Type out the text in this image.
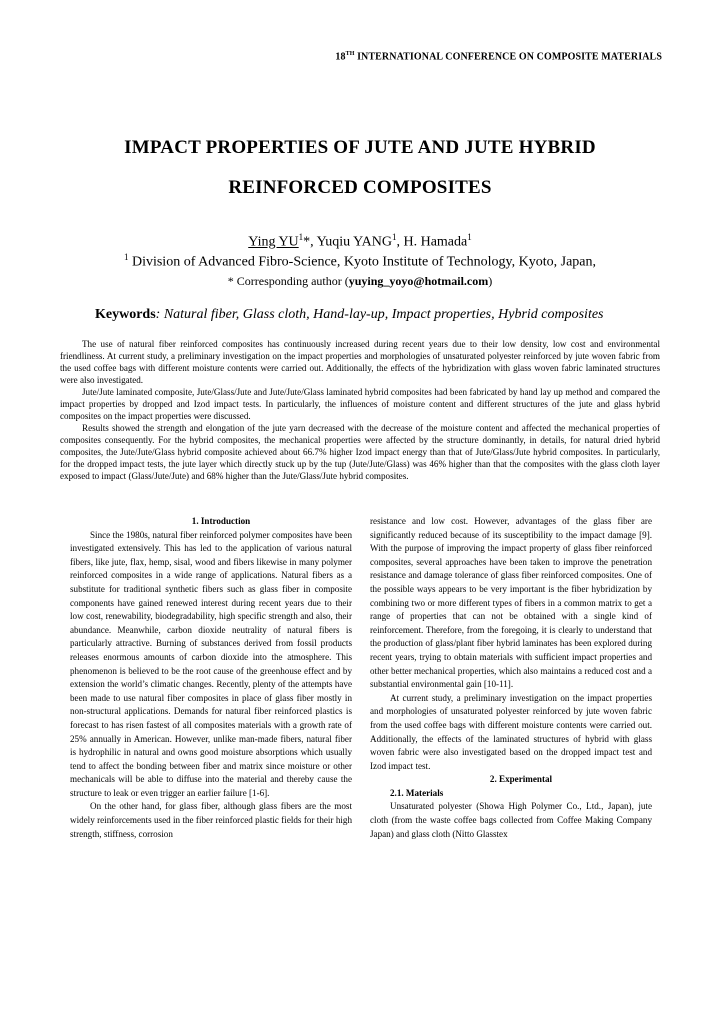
18TH INTERNATIONAL CONFERENCE ON COMPOSITE MATERIALS
IMPACT PROPERTIES OF JUTE AND JUTE HYBRID
REINFORCED COMPOSITES
Ying $YU^1*$, Yuqiu YANG$^1$, H. Hamada$^1$
$^1$ Division of Advanced Fibro-Science, Kyoto Institute of Technology, Kyoto, Japan,
* Corresponding author (yuying_yoyo@hotmail.com)
Keywords: Natural fiber, Glass cloth, Hand-lay-up, Impact properties, Hybrid composites

The use of natural fiber reinforced composites has continuously increased during recent years due to their low density, low cost and environmental friendliness. At current study, a preliminary investigation on the impact properties and morphologies of unsaturated polyester reinforced by jute woven fabric from the used coffee bags with different moisture contents were carried out. Additionally, the effects of the hybridization with glass woven fabric laminated structures were also investigated.

Jute/Jute laminated composite, Jute/Glass/Jute and Jute/Jute/Glass laminated hybrid composites had been fabricated by hand lay up method and compared the impact properties by dropped and Izod impact tests. In particularly, the influences of moisture content and different structures of the jute and glass hybrid composites on the impact properties were discussed.

Results showed the strength and elongation of the jute yarn decreased with the decrease of the moisture content and affected the mechanical properties of composites consequently. For the hybrid composites, the mechanical properties were affected by the structure dominantly, in details, for natural dried hybrid composites, the Jute/Jute/Glass hybrid composite achieved about 66.7% higher Izod impact energy than that of Jute/Glass/Jute hybrid composites. In particularly, for the dropped impact tests, the jute layer which directly stuck up by the tup (Jute/Jute/Glass) was 46% higher than that the composites with the glass cloth layer exposed to impact (Glass/Jute/Jute) and 68% higher than the Jute/Glass/Jute hybrid composites.

1. Introduction

Since the 1980s, natural fiber reinforced polymer composites have been investigated extensively. This has led to the application of various natural fibers, like jute, flax, hemp, sisal, wood and fibers likewise in many polymer reinforced composites in a wide range of applications. Natural fibers as a substitute for traditional synthetic fibers such as glass fiber in composite components have gained renewed interest during recent years due to their low cost, renewability, biodegradability, high specific strength and also, their abundance. Meanwhile, carbon dioxide neutrality of natural fibers is particularly attractive. Burning of substances derived from fossil products releases enormous amounts of carbon dioxide into the atmosphere. This phenomenon is believed to be the root cause of the greenhouse effect and by extension the world’s climatic changes. Recently, plenty of the attempts have been made to use natural fiber composites in place of glass fiber mostly in non-structural applications. Demands for natural fiber reinforced plastics is forecast to has risen fastest of all composites materials with a growth rate of 25% annually in American. However, unlike man-made fibers, natural fiber is hydrophilic in natural and owns good moisture absorptions which usually tend to affect the bonding between fiber and matrix since moisture or other mechanicals will be able to diffuse into the material and thereby cause the structure to leak or even trigger an earlier failure [1-6].

On the other hand, for glass fiber, although glass fibers are the most widely reinforcements used in the fiber reinforced plastic fields for their high strength, stiffness, corrosion

resistance and low cost. However, advantages of the glass fiber are significantly reduced because of its susceptibility to the impact damage [9]. With the purpose of improving the impact property of glass fiber reinforced composites, several approaches have been taken to improve the penetration resistance and damage tolerance of glass fiber reinforced composites. One of the possible ways appears to be very important is the fiber hybridization by combining two or more different types of fibers in a common matrix to get a range of properties that can not be obtained with a single kind of reinforcement. Therefore, from the foregoing, it is clearly to understand that the production of glass/plant fiber hybrid laminates has been explored during recent years, trying to obtain materials with sufficient impact properties and other better mechanical properties, which also maintains a reduced cost and a substantial environmental gain [10-11].

At current study, a preliminary investigation on the impact properties and morphologies of unsaturated polyester reinforced by jute woven fabric from the used coffee bags with different moisture contents were carried out. Additionally, the effects of the laminated structures of hybrid with glass woven fabric were also investigated based on the dropped impact test and Izod impact test.

2. Experimental

2.1. Materials

Unsaturated polyester (Showa High Polymer Co., Ltd., Japan), jute cloth (from the waste coffee bags collected from Coffee Making Company Japan) and glass cloth (Nitto Glasstex
